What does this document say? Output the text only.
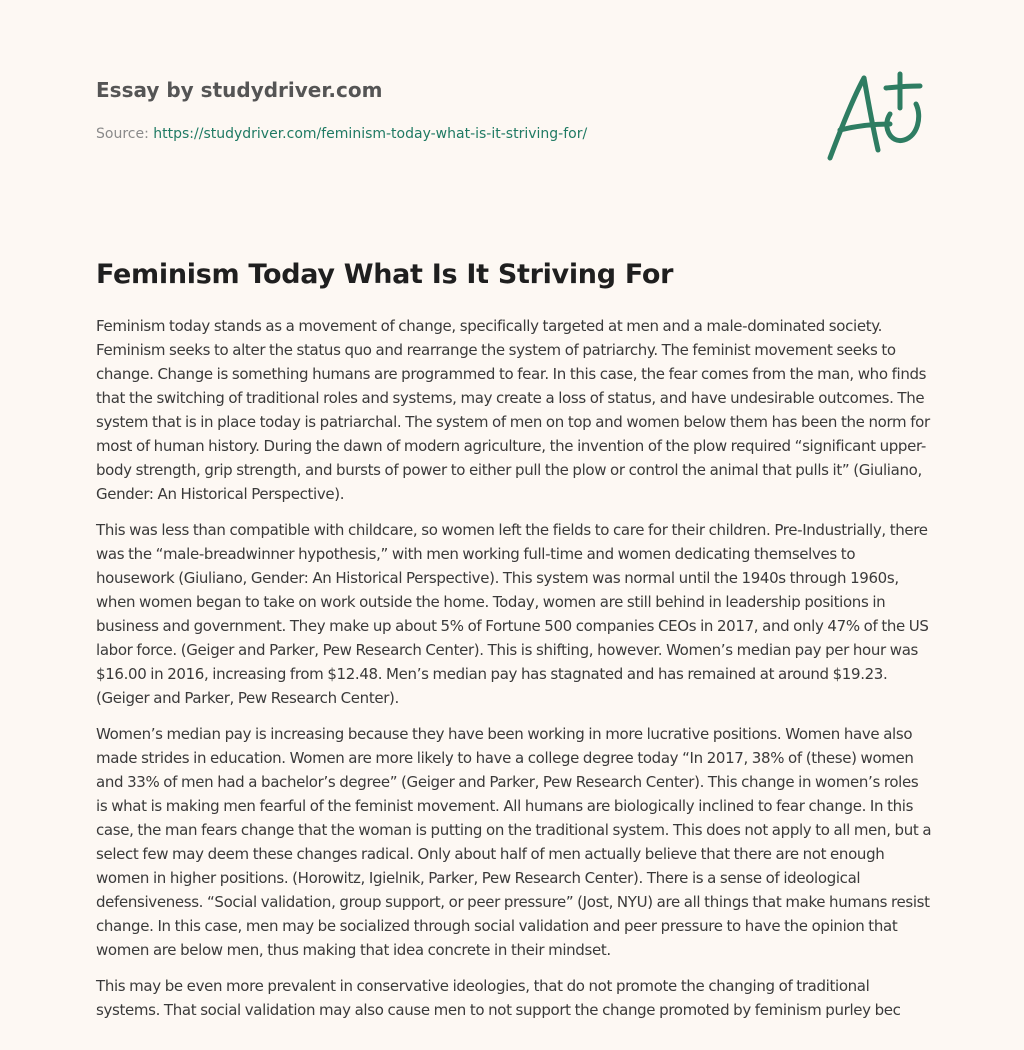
Essay by studydriver.com
Source: https://studydriver.com/feminism-today-what-is-it-striving-for/
Feminism Today What Is It Striving For

Feminism today stands as a movement of change, specifically targeted at men and a male-dominated society. Feminism seeks to alter the status quo and rearrange the system of patriarchy. The feminist movement seeks to change. Change is something humans are programmed to fear. In this case, the fear comes from the man, who finds that the switching of traditional roles and systems, may create a loss of status, and have undesirable outcomes. The system that is in place today is patriarchal. The system of men on top and women below them has been the norm for most of human history. During the dawn of modern agriculture, the invention of the plow required “significant upper-body strength, grip strength, and bursts of power to either pull the plow or control the animal that pulls it” (Giuliano, Gender: An Historical Perspective).

This was less than compatible with childcare, so women left the fields to care for their children. Pre-Industrially, there was the “male-breadwinner hypothesis,” with men working full-time and women dedicating themselves to housework (Giuliano, Gender: An Historical Perspective). This system was normal until the 1940s through 1960s, when women began to take on work outside the home. Today, women are still behind in leadership positions in business and government. They make up about 5% of Fortune 500 companies CEOs in 2017, and only 47% of the US labor force. (Geiger and Parker, Pew Research Center). This is shifting, however. Women’s median pay per hour was $16.00 in 2016, increasing from $12.48. Men’s median pay has stagnated and has remained at around $19.23. (Geiger and Parker, Pew Research Center).

Women’s median pay is increasing because they have been working in more lucrative positions. Women have also made strides in education. Women are more likely to have a college degree today “In 2017, 38% of (these) women and 33% of men had a bachelor’s degree” (Geiger and Parker, Pew Research Center). This change in women’s roles is what is making men fearful of the feminist movement. All humans are biologically inclined to fear change. In this case, the man fears change that the woman is putting on the traditional system. This does not apply to all men, but a select few may deem these changes radical. Only about half of men actually believe that there are not enough women in higher positions. (Horowitz, Igielnik, Parker, Pew Research Center). There is a sense of ideological defensiveness. “Social validation, group support, or peer pressure” (Jost, NYU) are all things that make humans resist change. In this case, men may be socialized through social validation and peer pressure to have the opinion that women are below men, thus making that idea concrete in their mindset.

This may be even more prevalent in conservative ideologies, that do not promote the changing of traditional systems. That social validation may also cause men to not support the change promoted by feminism purley bec
